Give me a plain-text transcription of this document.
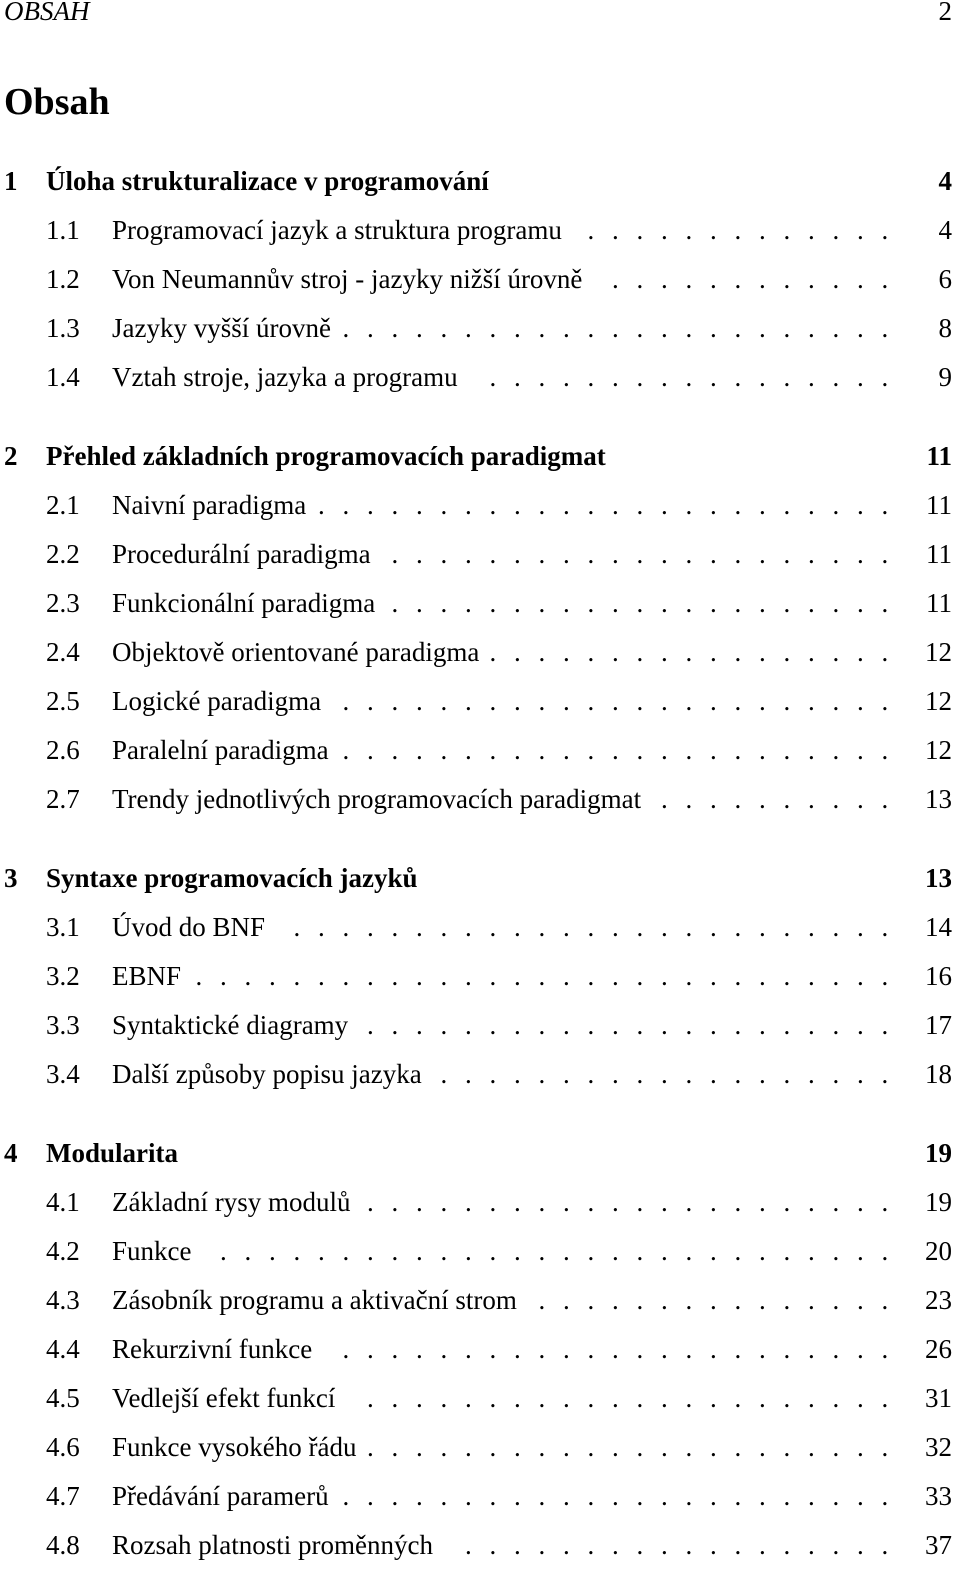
OBSAH	2
Obsah
1 Úloha strukturalizace v programování	4
1.1 Programovací jazyk a struktura programu	4
.............
1.2 Von Neumannův stroj - jazyky nižší úrovně	6
............
1.3 Jazyky vyšší úrovně	8
.......................
1.4 Vztah stroje, jazyka a programu	9
.................
2 Přehled základních programovacích paradigmat	11
2.1 Naivní paradigma	11
........................
2.2 Procedurální paradigma	11
.....................
2.3 Funkcionální paradigma	11
.....................
2.4 Objektově orientované paradigma	12
.................
2.5 Logické paradigma	12
.......................
2.6 Paralelní paradigma	12
.......................
2.7 Trendy jednotlivých programovacích paradigmat	13
..........
3 Syntaxe programovacích jazyků	13
3.1 Úvod do BNF	14
.........................
3.2 EBNF	16
.............................
3.3 Syntaktické diagramy	17
......................
3.4 Další způsoby popisu jazyka	18
...................
4 Modularita	19
4.1 Základní rysy modulů	19
......................
4.2 Funkce	20
............................
4.3 Zásobník programu a aktivační strom	23
...............
4.4 Rekurzivní funkce	26
.......................
4.5 Vedlejší efekt funkcí	31
......................
4.6 Funkce vysokého řádu	32
......................
4.7 Předávání paramerů	33
.......................
4.8 Rozsah platnosti proměnných	37
..................
